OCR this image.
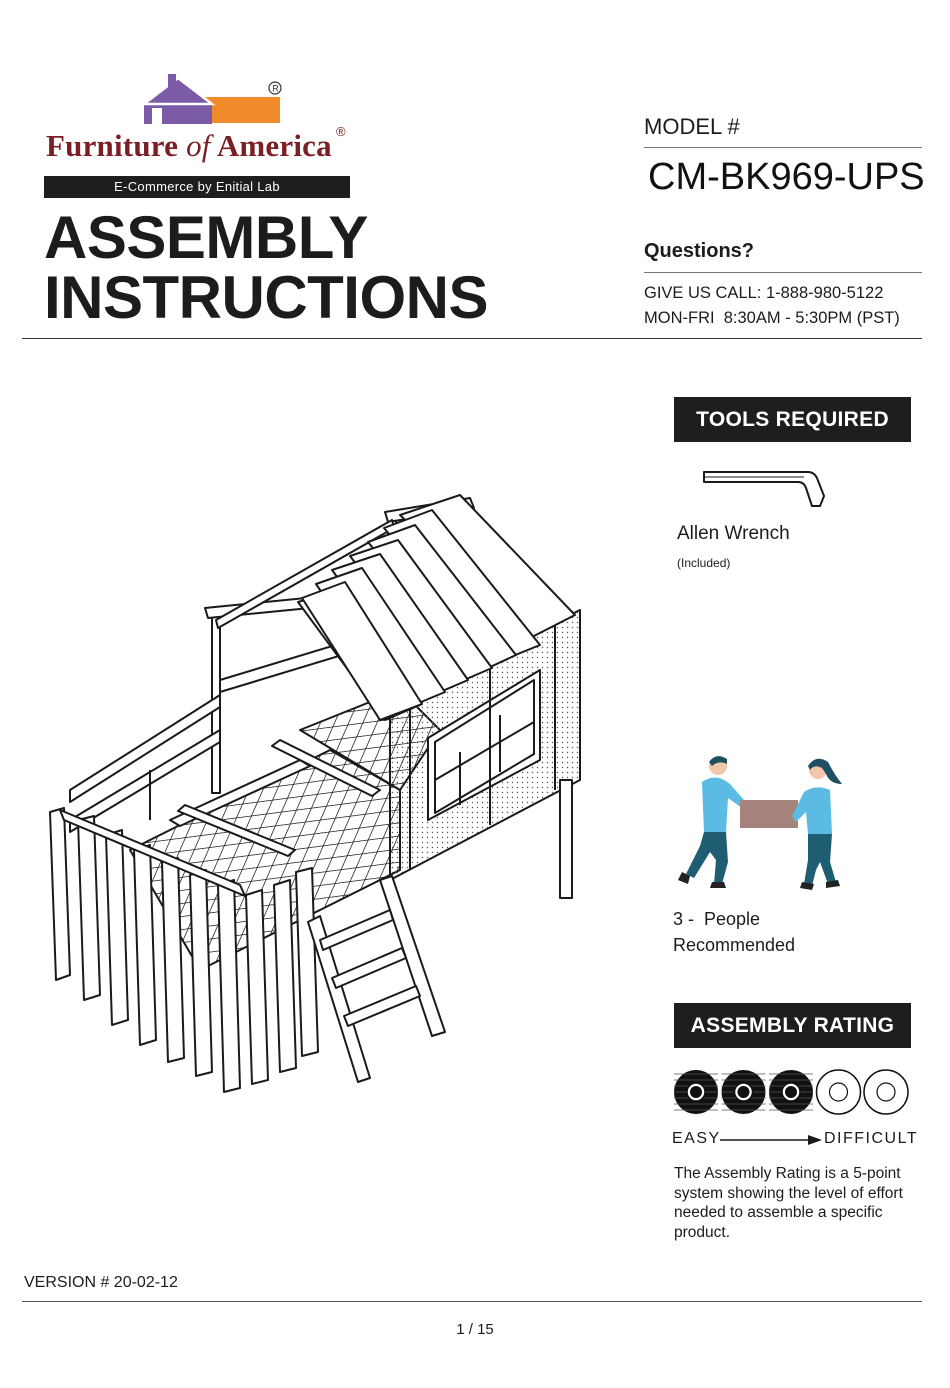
R
Furniture of America ®
E-Commerce by Enitial Lab
ASSEMBLY
INSTRUCTIONS
MODEL #
CM-BK969-UPS
Questions?
GIVE US CALL: 1-888-980-5122
MON-FRI  8:30AM - 5:30PM (PST)
TOOLS REQUIRED
Allen Wrench
(Included)
3 -  People
Recommended
ASSEMBLY RATING
EASY	DIFFICULT
The Assembly Rating is a 5-point system showing the level of effort needed to assemble a specific product.
VERSION # 20-02-12
1 / 15
